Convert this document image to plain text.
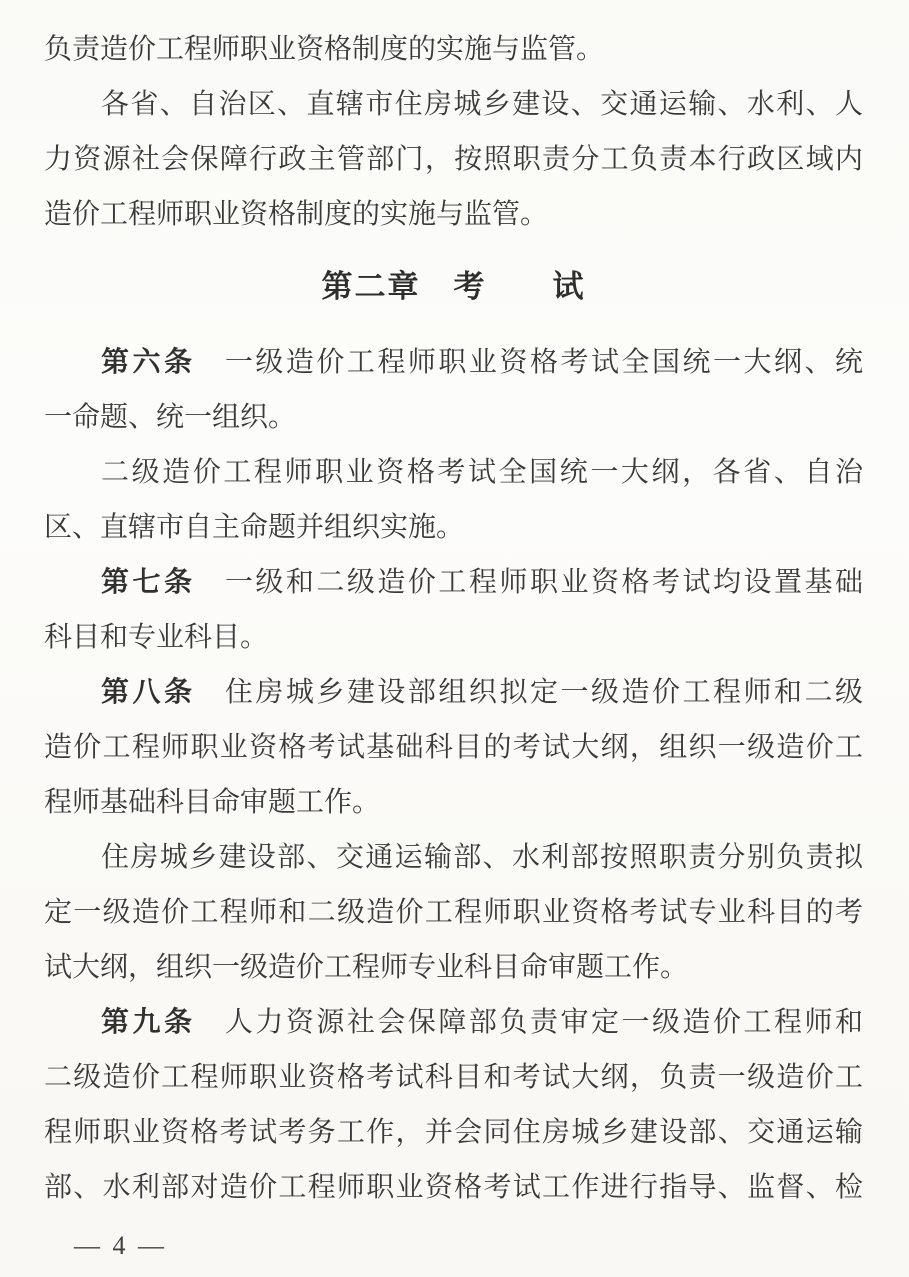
负责造价工程师职业资格制度的实施与监管。
各省、自治区、直辖市住房城乡建设、交通运输、水利、人
力资源社会保障行政主管部门，按照职责分工负责本行政区域内
造价工程师职业资格制度的实施与监管。
第二章　考　　试
第六条 一级造价工程师职业资格考试全国统一大纲、统
一命题、统一组织。
二级造价工程师职业资格考试全国统一大纲，各省、自治
区、直辖市自主命题并组织实施。
第七条 一级和二级造价工程师职业资格考试均设置基础
科目和专业科目。
第八条 住房城乡建设部组织拟定一级造价工程师和二级
造价工程师职业资格考试基础科目的考试大纲，组织一级造价工
程师基础科目命审题工作。
住房城乡建设部、交通运输部、水利部按照职责分别负责拟
定一级造价工程师和二级造价工程师职业资格考试专业科目的考
试大纲，组织一级造价工程师专业科目命审题工作。
第九条 人力资源社会保障部负责审定一级造价工程师和
二级造价工程师职业资格考试科目和考试大纲，负责一级造价工
程师职业资格考试考务工作，并会同住房城乡建设部、交通运输
部、水利部对造价工程师职业资格考试工作进行指导、监督、检
— 4 —
